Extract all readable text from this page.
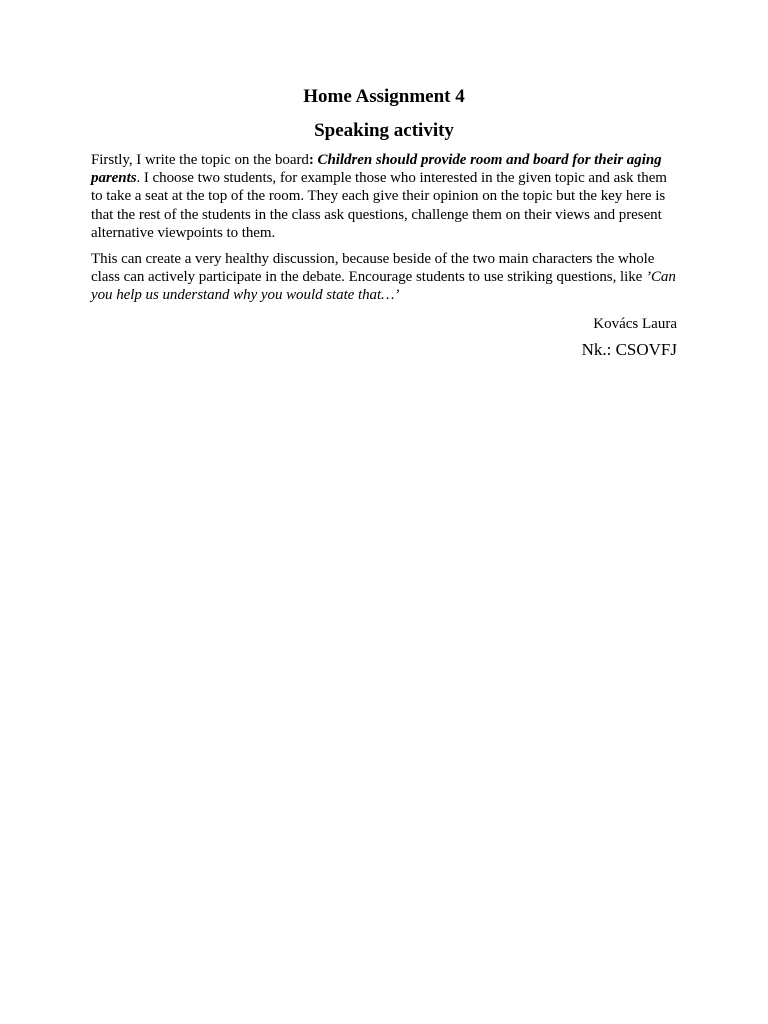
Home Assignment 4
Speaking activity

Firstly, I write the topic on the board: Children should provide room and board for their aging parents. I choose two students, for example those who interested in the given topic and ask them to take a seat at the top of the room. They each give their opinion on the topic but the key here is that the rest of the students in the class ask questions, challenge them on their views and present alternative viewpoints to them.

This can create a very healthy discussion, because beside of the two main characters the whole class can actively participate in the debate. Encourage students to use striking questions, like ’Can you help us understand why you would state that…’

Kovács Laura
Nk.: CSOVFJ
